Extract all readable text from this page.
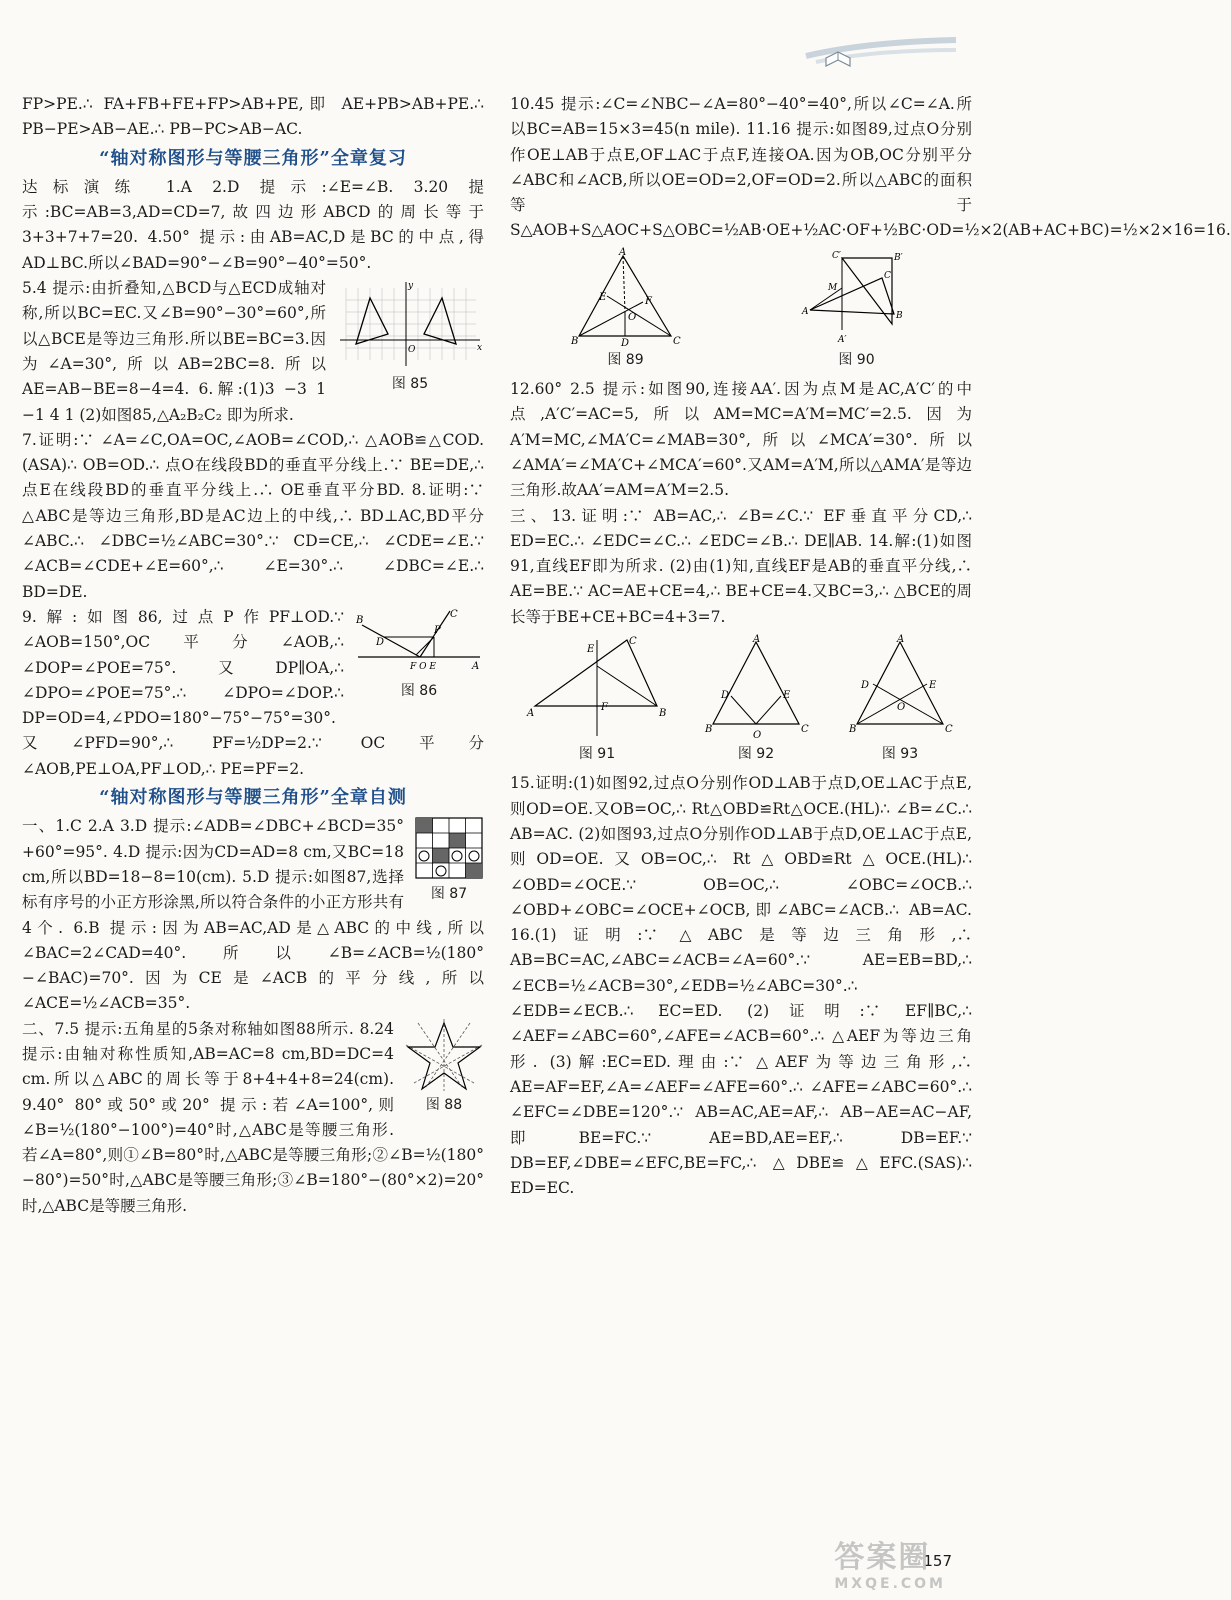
FP>PE.∴ FA+FB+FE+FP>AB+PE,即 AE+PB>AB+PE.∴ PB−PE>AB−AE.∴ PB−PC>AB−AC.

“轴对称图形与等腰三角形”全章复习

达标演练 1.A 2.D 提示:∠E=∠B. 3.20 提示:BC=AB=3,AD=CD=7,故四边形ABCD的周长等于3+3+7+7=20. 4.50° 提示:由AB=AC,D是BC的中点,得AD⊥BC.所以∠BAD=90°−∠B=90°−40°=50°.

O	x
y
图 85

5.4 提示:由折叠知,△BCD与△ECD成轴对称,所以BC=EC.又∠B=90°−30°=60°,所以△BCE是等边三角形.所以BE=BC=3.因为∠A=30°,所以AB=2BC=8.所以AE=AB−BE=8−4=4. 6.解:(1)3 −3 1 −1 4 1 (2)如图85,△A₂B₂C₂ 即为所求.

7.证明:∵ ∠A=∠C,OA=OC,∠AOB=∠COD,∴ △AOB≌△COD.(ASA)∴ OB=OD.∴ 点O在线段BD的垂直平分线上.∵ BE=DE,∴ 点E在线段BD的垂直平分线上.∴ OE垂直平分BD. 8.证明:∵ △ABC是等边三角形,BD是AC边上的中线,∴ BD⊥AC,BD平分∠ABC.∴ ∠DBC=½∠ABC=30°.∵ CD=CE,∴ ∠CDE=∠E.∵ ∠ACB=∠CDE+∠E=60°,∴ ∠E=30°.∴ ∠DBC=∠E.∴ BD=DE.

B
D
C
P
F O E	A
图 86

9.解:如图86,过点P作PF⊥OD.∵ ∠AOB=150°,OC平分∠AOB,∴ ∠DOP=∠POE=75°.又DP∥OA,∴ ∠DPO=∠POE=75°.∴ ∠DPO=∠DOP.∴ DP=OD=4,∠PDO=180°−75°−75°=30°.又∠PFD=90°,∴ PF=½DP=2.∵ OC平分∠AOB,PE⊥OA,PF⊥OD,∴ PE=PF=2.

“轴对称图形与等腰三角形”全章自测
图 87

一、1.C 2.A 3.D 提示:∠ADB=∠DBC+∠BCD=35°+60°=95°. 4.D 提示:因为CD=AD=8 cm,又BC=18 cm,所以BD=18−8=10(cm). 5.D 提示:如图87,选择标有序号的小正方形涂黑,所以符合条件的小正方形共有4个. 6.B 提示:因为AB=AC,AD是△ABC的中线,所以∠BAC=2∠CAD=40°.所以∠B=∠ACB=½(180°−∠BAC)=70°.因为CE是∠ACB的平分线,所以∠ACE=½∠ACB=35°.

图 88

二、7.5 提示:五角星的5条对称轴如图88所示. 8.24 提示:由轴对称性质知,AB=AC=8 cm,BD=DC=4 cm.所以△ABC的周长等于8+4+4+8=24(cm). 9.40° 80°或50°或20° 提示:若∠A=100°,则∠B=½(180°−100°)=40°时,△ABC是等腰三角形.若∠A=80°,则①∠B=80°时,△ABC是等腰三角形;②∠B=½(180°−80°)=50°时,△ABC是等腰三角形;③∠B=180°−(80°×2)=20°时,△ABC是等腰三角形.

10.45 提示:∠C=∠NBC−∠A=80°−40°=40°,所以∠C=∠A.所以BC=AB=15×3=45(n mile). 11.16 提示:如图89,过点O分别作OE⊥AB于点E,OF⊥AC于点F,连接OA.因为OB,OC分别平分∠ABC和∠ACB,所以OE=OD=2,OF=OD=2.所以△ABC的面积等于S△AOB+S△AOC+S△OBC=½AB·OE+½AC·OF+½BC·OD=½×2(AB+AC+BC)=½×2×16=16.

A
B	C
D
E	F
O
图 89
C′	B′
C
M
A	B
A′
图 90

12.60° 2.5 提示:如图90,连接AA′.因为点M是AC,A′C′的中点,A′C′=AC=5,所以AM=MC=A′M=MC′=2.5.因为A′M=MC,∠MA′C=∠MAB=30°,所以∠MCA′=30°.所以∠AMA′=∠MA′C+∠MCA′=60°.又AM=A′M,所以△AMA′是等边三角形.故AA′=AM=A′M=2.5.

三、13.证明:∵ AB=AC,∴ ∠B=∠C.∵ EF垂直平分CD,∴ ED=EC.∴ ∠EDC=∠C.∴ ∠EDC=∠B.∴ DE∥AB. 14.解:(1)如图91,直线EF即为所求. (2)由(1)知,直线EF是AB的垂直平分线,∴ AE=BE.∵ AC=AE+CE=4,∴ BE+CE=4.又BC=3,∴ △BCE的周长等于BE+CE+BC=4+3=7.

E
C
A	B
F
图 91
A
B	C
D	E
O
图 92
A
B	C
D	E
O
图 93

15.证明:(1)如图92,过点O分别作OD⊥AB于点D,OE⊥AC于点E,则OD=OE.又OB=OC,∴ Rt△OBD≌Rt△OCE.(HL)∴ ∠B=∠C.∴ AB=AC. (2)如图93,过点O分别作OD⊥AB于点D,OE⊥AC于点E,则OD=OE.又OB=OC,∴ Rt△OBD≌Rt△OCE.(HL)∴ ∠OBD=∠OCE.∵ OB=OC,∴ ∠OBC=∠OCB.∴ ∠OBD+∠OBC=∠OCE+∠OCB,即∠ABC=∠ACB.∴ AB=AC. 16.(1)证明:∵ △ABC是等边三角形,∴ AB=BC=AC,∠ABC=∠ACB=∠A=60°.∵ AE=EB=BD,∴ ∠ECB=½∠ACB=30°,∠EDB=½∠ABC=30°.∴ ∠EDB=∠ECB.∴ EC=ED. (2)证明:∵ EF∥BC,∴ ∠AEF=∠ABC=60°,∠AFE=∠ACB=60°.∴ △AEF为等边三角形. (3)解:EC=ED.理由:∵ △AEF为等边三角形,∴ AE=AF=EF,∠A=∠AEF=∠AFE=60°.∴ ∠AFE=∠ABC=60°.∴ ∠EFC=∠DBE=120°.∵ AB=AC,AE=AF,∴ AB−AE=AC−AF,即BE=FC.∵ AE=BD,AE=EF,∴ DB=EF.∵ DB=EF,∠DBE=∠EFC,BE=FC,∴ △DBE≌△EFC.(SAS)∴ ED=EC.

157
答案圈
MXQE.COM
